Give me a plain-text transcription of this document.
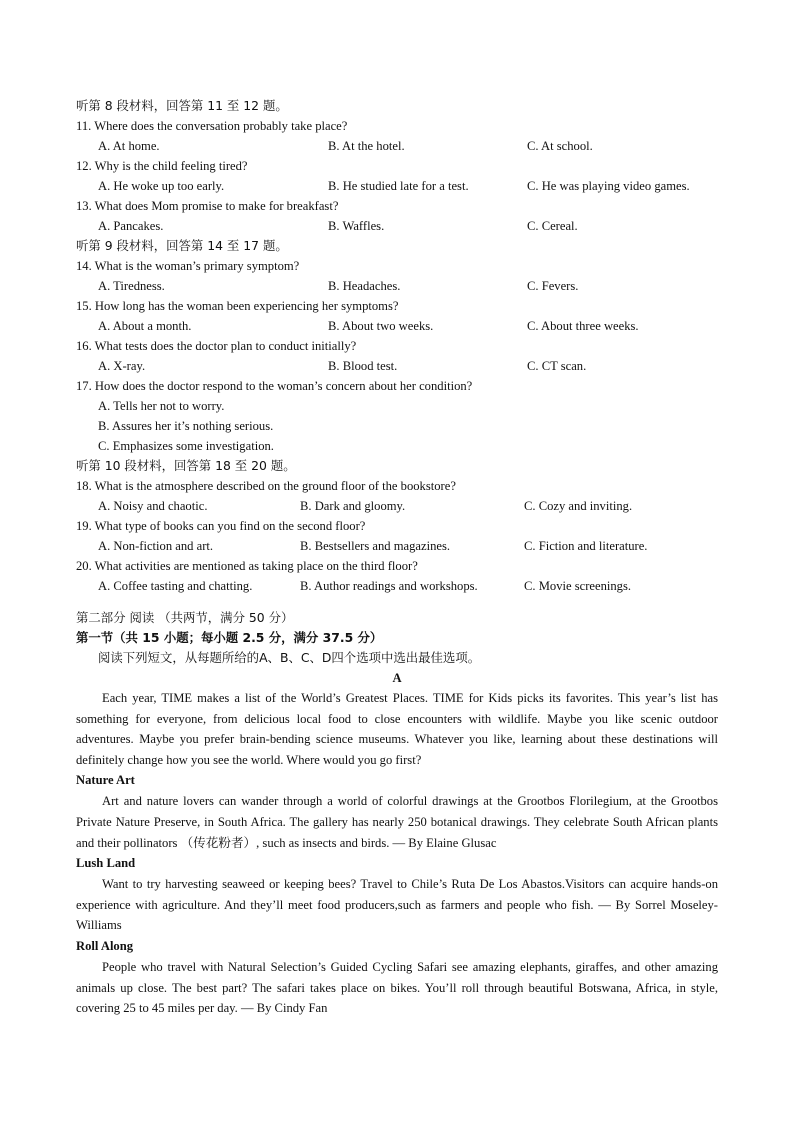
听第 8 段材料，回答第 11 至 12 题。
11. Where does the conversation probably take place?
A. At home.	B. At the hotel.	C. At school.
12. Why is the child feeling tired?
A. He woke up too early.	B. He studied late for a test.	C. He was playing video games.
13. What does Mom promise to make for breakfast?
A. Pancakes.	B. Waffles.	C. Cereal.
听第 9 段材料，回答第 14 至 17 题。
14. What is the woman’s primary symptom?
A. Tiredness.	B. Headaches.	C. Fevers.
15. How long has the woman been experiencing her symptoms?
A. About a month.	B. About two weeks.	C. About three weeks.
16. What tests does the doctor plan to conduct initially?
A. X-ray.	B. Blood test.	C. CT scan.
17. How does the doctor respond to the woman’s concern about her condition?
A. Tells her not to worry.
B. Assures her it’s nothing serious.
C. Emphasizes some investigation.
听第 10 段材料，回答第 18 至 20 题。
18. What is the atmosphere described on the ground floor of the bookstore?
A. Noisy and chaotic.	B. Dark and gloomy.	C. Cozy and inviting.
19. What type of books can you find on the second floor?
A. Non-fiction and art.	B. Bestsellers and magazines.	C. Fiction and literature.
20. What activities are mentioned as taking place on the third floor?
A. Coffee tasting and chatting.	B. Author readings and workshops.	C. Movie screenings.
第二部分 阅读 （共两节，满分 50 分）
第一节（共 15 小题；每小题 2.5 分，满分 37.5 分）
阅读下列短文，从每题所给的A、B、C、D四个选项中选出最佳选项。
A
Each year, TIME makes a list of the World’s Greatest Places. TIME for Kids picks its favorites. This year’s list has something for everyone, from delicious local food to close encounters with wildlife. Maybe you like scenic outdoor adventures. Maybe you prefer brain-bending science museums. Whatever you like, learning about these destinations will definitely change how you see the world. Where would you go first?
Nature Art
Art and nature lovers can wander through a world of colorful drawings at the Grootbos Florilegium, at the Grootbos Private Nature Preserve, in South Africa. The gallery has nearly 250 botanical drawings. They celebrate South African plants and their pollinators （传花粉者）, such as insects and birds. — By Elaine Glusac
Lush Land
Want to try harvesting seaweed or keeping bees? Travel to Chile’s Ruta De Los Abastos.Visitors can acquire hands-on experience with agriculture. And they’ll meet food producers,such as farmers and people who fish. — By Sorrel Moseley-Williams
Roll Along
People who travel with Natural Selection’s Guided Cycling Safari see amazing elephants, giraffes, and other amazing animals up close. The best part? The safari takes place on bikes. You’ll roll through beautiful Botswana, Africa, in style, covering 25 to 45 miles per day. — By Cindy Fan
